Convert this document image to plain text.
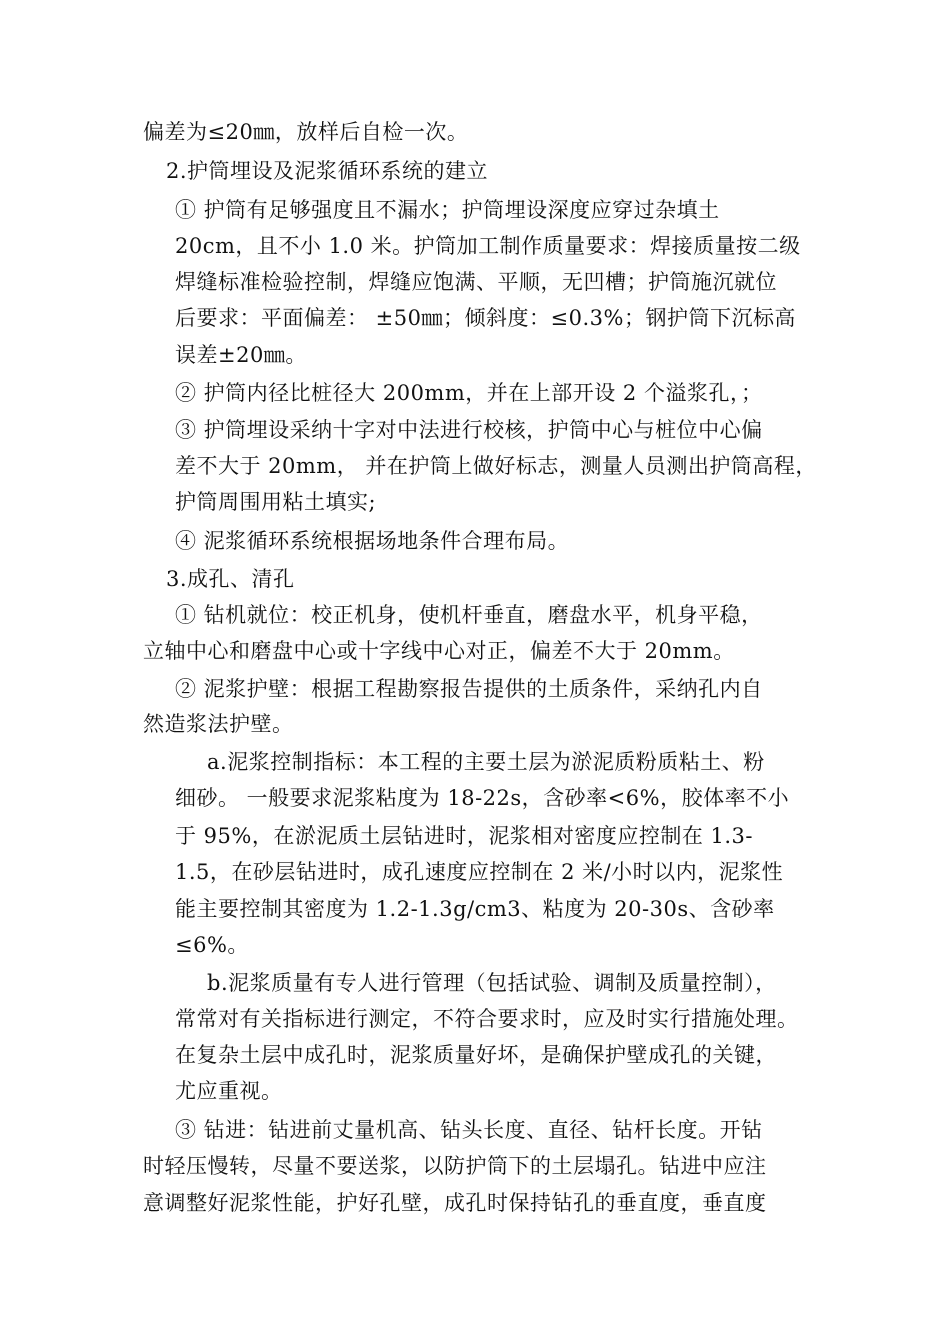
偏差为≤20㎜，放样后自检一次。

2.护筒埋设及泥浆循环系统的建立

① 护筒有足够强度且不漏水；护筒埋设深度应穿过杂填土

20cm，且不小 1.0 米。护筒加工制作质量要求：焊接质量按二级

焊缝标准检验控制，焊缝应饱满、平顺，无凹槽；护筒施沉就位

后要求：平面偏差： ±50㎜；倾斜度：≤0.3%；钢护筒下沉标高

误差±20㎜。

② 护筒内径比桩径大 200mm，并在上部开设 2 个溢浆孔，；

③ 护筒埋设采纳十字对中法进行校核，护筒中心与桩位中心偏

差不大于 20mm， 并在护筒上做好标志，测量人员测出护筒高程，

护筒周围用粘土填实;

④ 泥浆循环系统根据场地条件合理布局。

3.成孔、清孔

① 钻机就位：校正机身，使机杆垂直，磨盘水平，机身平稳，

立轴中心和磨盘中心或十字线中心对正，偏差不大于 20mm。

② 泥浆护壁：根据工程勘察报告提供的土质条件，采纳孔内自

然造浆法护壁。

a.泥浆控制指标：本工程的主要土层为淤泥质粉质粘土、粉

细砂。 一般要求泥浆粘度为 18-22s，含砂率<6%，胶体率不小

于 95%，在淤泥质土层钻进时，泥浆相对密度应控制在 1.3-

1.5，在砂层钻进时，成孔速度应控制在 2 米/小时以内，泥浆性

能主要控制其密度为 1.2-1.3g/cm3、粘度为 20-30s、含砂率

≤6%。

b.泥浆质量有专人进行管理（包括试验、调制及质量控制），

常常对有关指标进行测定，不符合要求时，应及时实行措施处理。

在复杂土层中成孔时，泥浆质量好坏，是确保护壁成孔的关键，

尤应重视。

③ 钻进：钻进前丈量机高、钻头长度、直径、钻杆长度。开钻

时轻压慢转，尽量不要送浆，以防护筒下的土层塌孔。钻进中应注

意调整好泥浆性能，护好孔壁，成孔时保持钻孔的垂直度，垂直度
